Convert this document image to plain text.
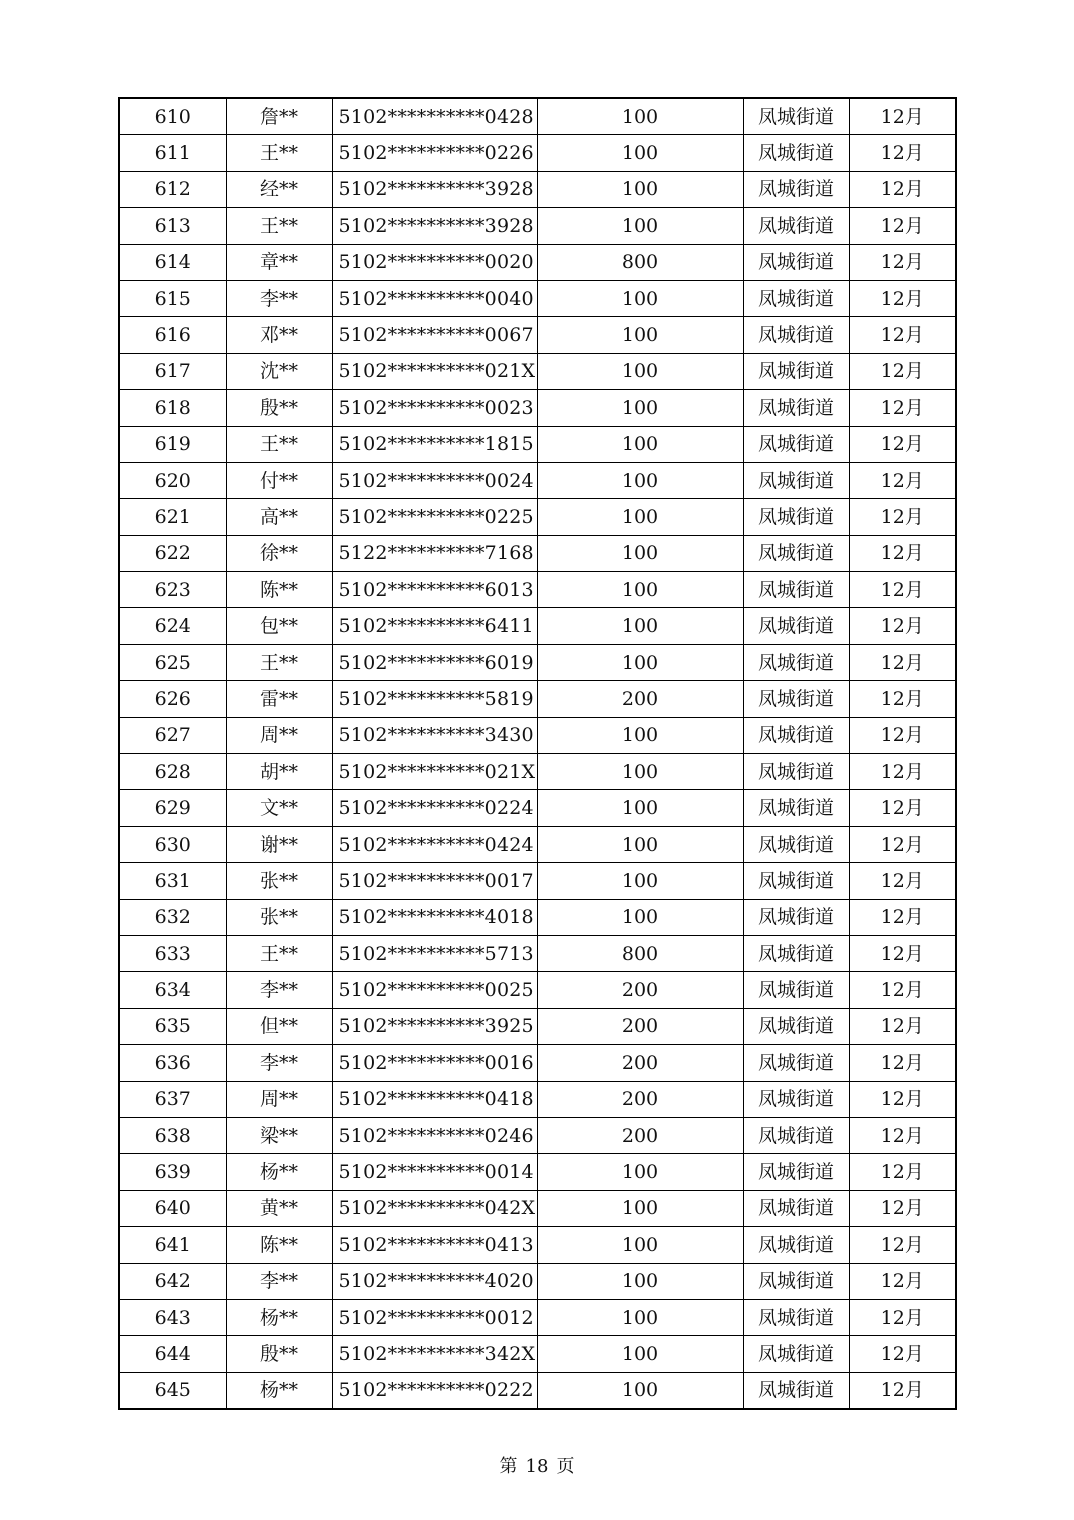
610	詹**	5102**********0428	100	凤城街道	12月
611	王**	5102**********0226	100	凤城街道	12月
612	经**	5102**********3928	100	凤城街道	12月
613	王**	5102**********3928	100	凤城街道	12月
614	章**	5102**********0020	800	凤城街道	12月
615	李**	5102**********0040	100	凤城街道	12月
616	邓**	5102**********0067	100	凤城街道	12月
617	沈**	5102**********021X	100	凤城街道	12月
618	殷**	5102**********0023	100	凤城街道	12月
619	王**	5102**********1815	100	凤城街道	12月
620	付**	5102**********0024	100	凤城街道	12月
621	高**	5102**********0225	100	凤城街道	12月
622	徐**	5122**********7168	100	凤城街道	12月
623	陈**	5102**********6013	100	凤城街道	12月
624	包**	5102**********6411	100	凤城街道	12月
625	王**	5102**********6019	100	凤城街道	12月
626	雷**	5102**********5819	200	凤城街道	12月
627	周**	5102**********3430	100	凤城街道	12月
628	胡**	5102**********021X	100	凤城街道	12月
629	文**	5102**********0224	100	凤城街道	12月
630	谢**	5102**********0424	100	凤城街道	12月
631	张**	5102**********0017	100	凤城街道	12月
632	张**	5102**********4018	100	凤城街道	12月
633	王**	5102**********5713	800	凤城街道	12月
634	李**	5102**********0025	200	凤城街道	12月
635	但**	5102**********3925	200	凤城街道	12月
636	李**	5102**********0016	200	凤城街道	12月
637	周**	5102**********0418	200	凤城街道	12月
638	梁**	5102**********0246	200	凤城街道	12月
639	杨**	5102**********0014	100	凤城街道	12月
640	黄**	5102**********042X	100	凤城街道	12月
641	陈**	5102**********0413	100	凤城街道	12月
642	李**	5102**********4020	100	凤城街道	12月
643	杨**	5102**********0012	100	凤城街道	12月
644	殷**	5102**********342X	100	凤城街道	12月
645	杨**	5102**********0222	100	凤城街道	12月
第 18 页
